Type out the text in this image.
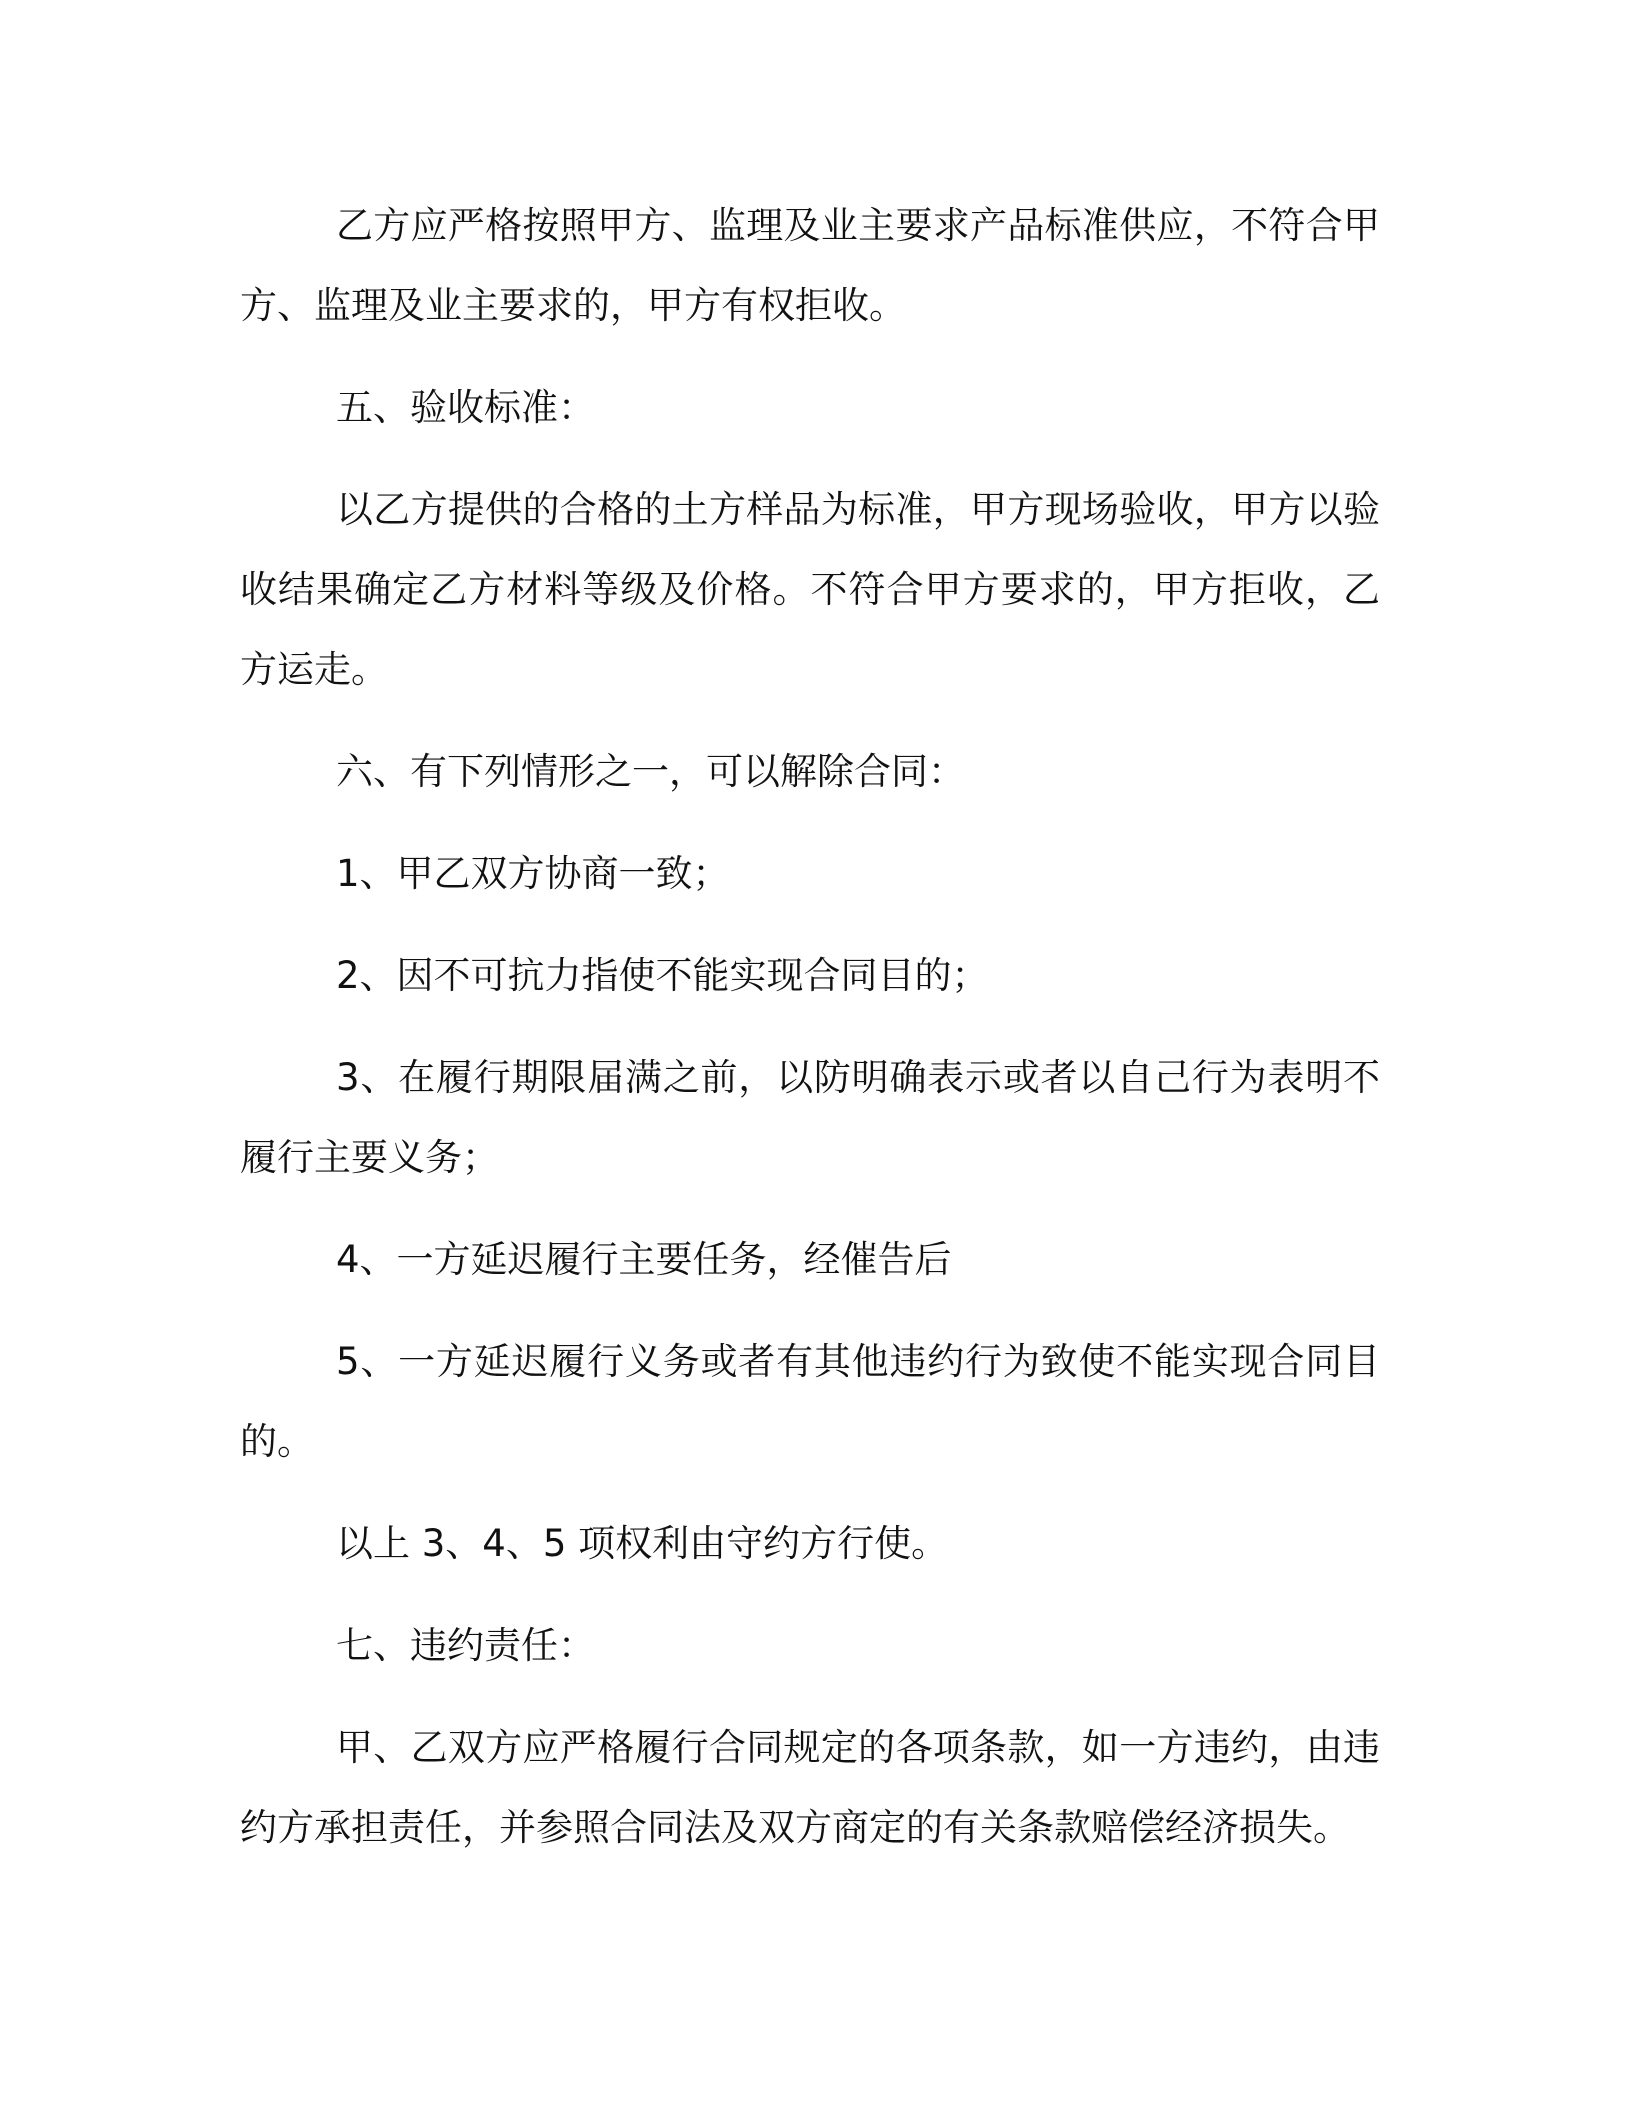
乙方应严格按照甲方、监理及业主要求产品标准供应，不符合甲方、监理及业主要求的，甲方有权拒收。

五、验收标准：

以乙方提供的合格的土方样品为标准，甲方现场验收，甲方以验收结果确定乙方材料等级及价格。不符合甲方要求的，甲方拒收，乙方运走。

六、有下列情形之一，可以解除合同：

1、甲乙双方协商一致；

2、因不可抗力指使不能实现合同目的；

3、在履行期限届满之前，以防明确表示或者以自己行为表明不履行主要义务；

4、一方延迟履行主要任务，经催告后

5、一方延迟履行义务或者有其他违约行为致使不能实现合同目的。

以上 3、4、5 项权利由守约方行使。

七、违约责任：

甲、乙双方应严格履行合同规定的各项条款，如一方违约，由违约方承担责任，并参照合同法及双方商定的有关条款赔偿经济损失。
